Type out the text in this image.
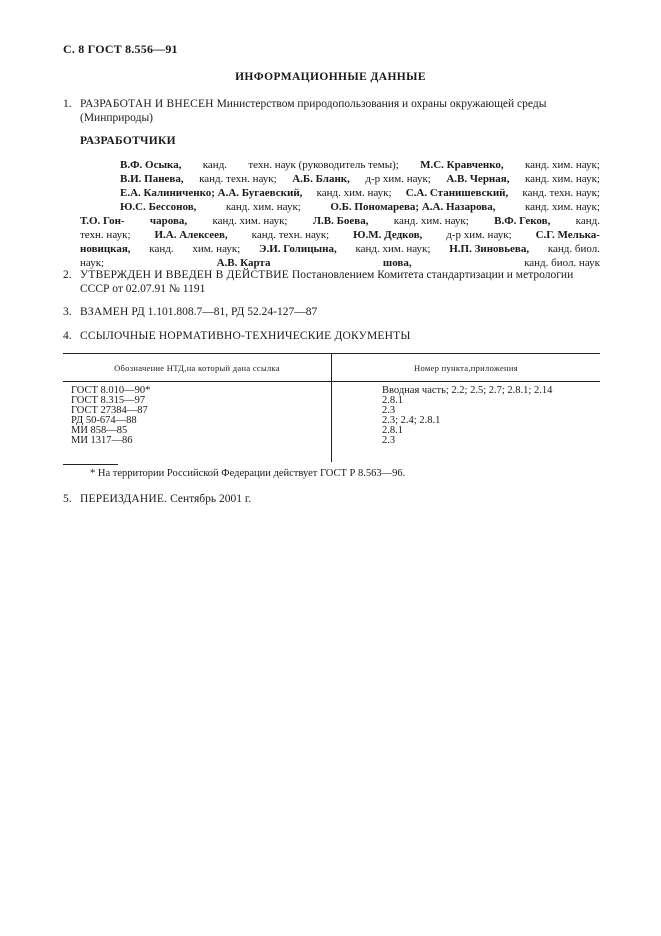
С. 8 ГОСТ 8.556—91
ИНФОРМАЦИОННЫЕ ДАННЫЕ
1. РАЗРАБОТАН И ВНЕСЕН Министерством природопользования и охраны окружающей среды (Минприроды)
РАЗРАБОТЧИКИ
В.Ф. Осыка, канд. техн. наук (руководитель темы); М.С. Кравченко, канд. хим. наук;
В.И. Панева, канд. техн. наук; А.Б. Бланк, д-р хим. наук; А.В. Черная, канд. хим. наук;
Е.А. Калиниченко; А.А. Бугаевский, канд. хим. наук; С.А. Станишевский, канд. техн. наук;
Ю.С. Бессонов,	канд. хим. наук;	О.Б. Пономарева; А.А. Назарова,	канд. хим. наук;
Т.О. Гон- чарова, канд. хим. наук; Л.В. Боева, канд. хим. наук; В.Ф. Геков, канд.
техн. наук; И.А. Алексеев, канд. техн. наук; Ю.М. Дедков, д-р хим. наук; С.Г. Мелька-
новицкая, канд. хим. наук; Э.И. Голицына, канд. хим. наук; Н.П. Зиновьева, канд. биол.
наук;	А.В. Карта	шова,	канд. биол. наук
2. УТВЕРЖДЕН И ВВЕДЕН В ДЕЙСТВИЕ Постановлением Комитета стандартизации и метрологии СССР от 02.07.91 № 1191
3. ВЗАМЕН РД 1.101.808.7—81, РД 52.24-127—87
4. ССЫЛОЧНЫЕ НОРМАТИВНО-ТЕХНИЧЕСКИЕ ДОКУМЕНТЫ
Обозначение НТД,на который дана ссылка	Номер пункта,приложения
ГОСТ 8.010—90*	Вводная часть; 2.2; 2.5; 2.7; 2.8.1; 2.14
ГОСТ 8.315—97	2.8.1
ГОСТ 27384—87	2.3
РД 50-674—88	2.3; 2.4; 2.8.1
МИ 858—85	2.8.1
МИ 1317—86	2.3
* На территории Российской Федерации действует ГОСТ Р 8.563—96.
5. ПЕРЕИЗДАНИЕ. Сентябрь 2001 г.
